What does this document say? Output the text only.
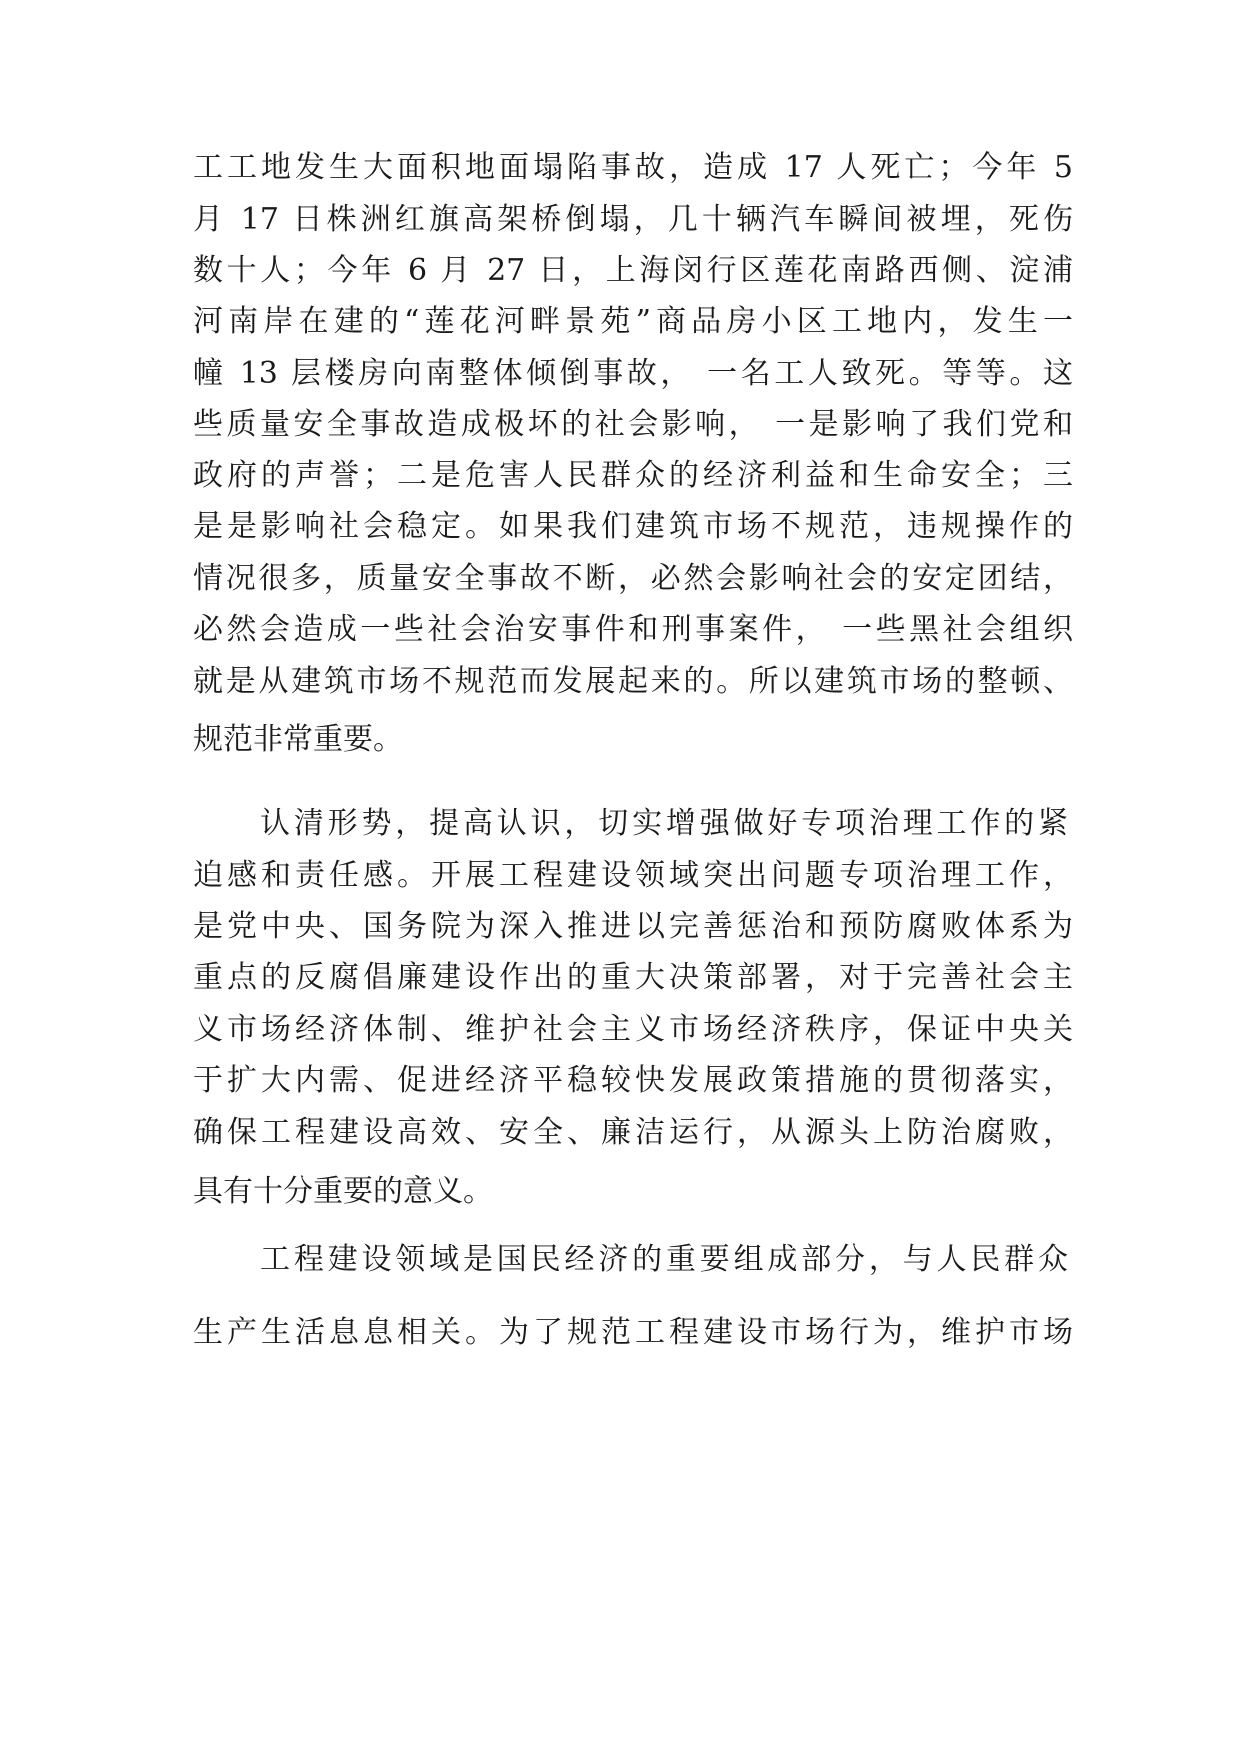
工工地发生大面积地面塌陷事故，造成 17 人死亡；今年 5
月 17 日株洲红旗高架桥倒塌，几十辆汽车瞬间被埋，死伤
数十人；今年 6 月 27 日，上海闵行区莲花南路西侧、淀浦
河南岸在建的“莲花河畔景苑”商品房小区工地内，发生一
幢 13 层楼房向南整体倾倒事故， 一名工人致死。等等。这
些质量安全事故造成极坏的社会影响， 一是影响了我们党和
政府的声誉；二是危害人民群众的经济利益和生命安全；三
是是影响社会稳定。如果我们建筑市场不规范，违规操作的
情况很多，质量安全事故不断，必然会影响社会的安定团结，
必然会造成一些社会治安事件和刑事案件， 一些黑社会组织
就是从建筑市场不规范而发展起来的。所以建筑市场的整顿、
规范非常重要。
认清形势，提高认识，切实增强做好专项治理工作的紧
迫感和责任感。开展工程建设领域突出问题专项治理工作，
是党中央、国务院为深入推进以完善惩治和预防腐败体系为
重点的反腐倡廉建设作出的重大决策部署，对于完善社会主
义市场经济体制、维护社会主义市场经济秩序，保证中央关
于扩大内需、促进经济平稳较快发展政策措施的贯彻落实，
确保工程建设高效、安全、廉洁运行，从源头上防治腐败，
具有十分重要的意义。
工程建设领域是国民经济的重要组成部分，与人民群众
生产生活息息相关。为了规范工程建设市场行为，维护市场
